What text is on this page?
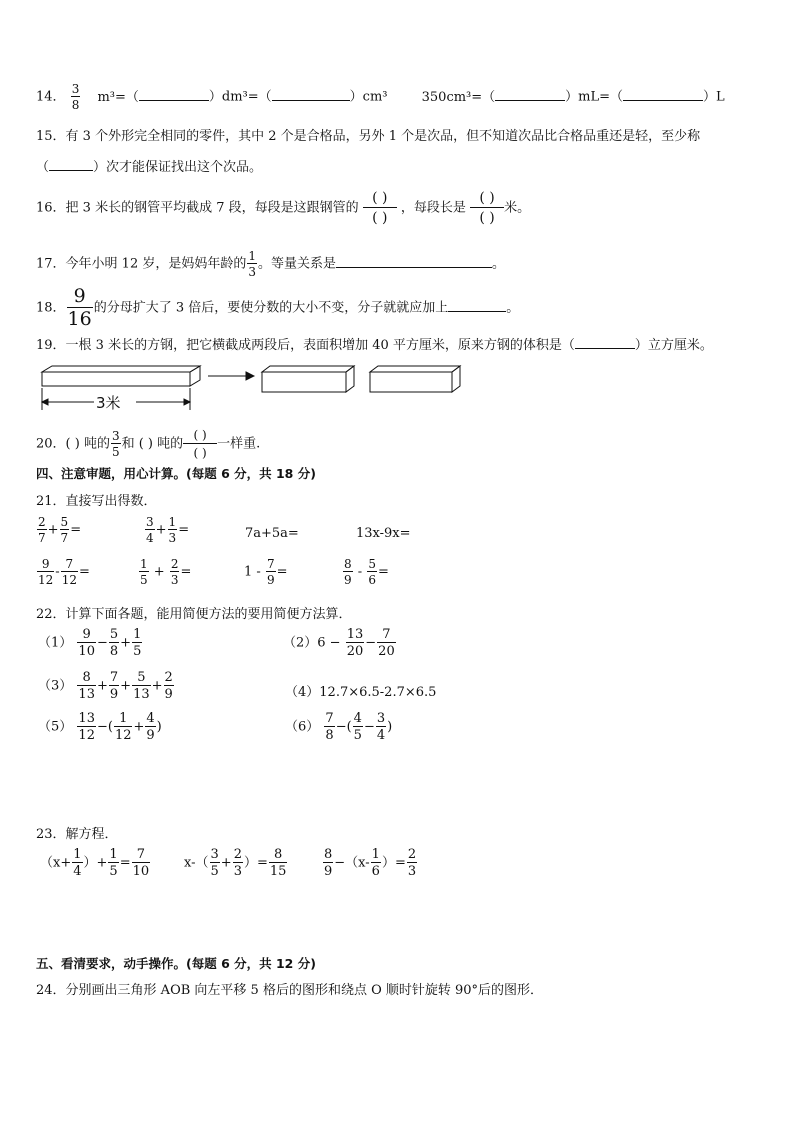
14． $\frac{3}{8} m^3=$（	）dm³=（	）cm³	350cm³=（	）mL=（	）L
15．有 3 个外形完全相同的零件，其中 2 个是合格品，另外 1 个是次品，但不知道次品比合格品重还是轻，至少称
（	）次才能保证找出这个次品。
16．把 3 米长的钢管平均截成 7 段，每段是这跟钢管的
( )
( )
，每段长是
( )
( )
米。
17．今年小明 12 岁，是妈妈年龄的 $\frac{1}{3}$ 。等量关系是	。
18． $\frac{9}{16}$ 的分母扩大了 3 倍后，要使分数的大小不变，分子就就应加上	。
19．一根 3 米长的方钢，把它横截成两段后，表面积增加 40 平方厘米，原来方钢的体积是（	）立方厘米。
3米
20．( ) 吨的 $\frac{3}{5}$ 和 ( ) 吨的
( )
( )
一样重.
四、注意审题，用心计算。(每题 6 分，共 18 分)
21．直接写出得数．
$\frac{2}{7} + \frac{5}{7}$ =	$\frac{3}{4} + \frac{1}{3}$ =	7a+5a=	13x-9x=
$\frac{9}{12} - \frac{7}{12}$ =	$\frac{1}{5} + \frac{2}{3}$ =	$1 - \frac{7}{9}$ =	$\frac{8}{9} - \frac{5}{6}$ =
22．计算下面各题，能用简便方法的要用简便方法算．
$(1) \frac{9}{10} - \frac{5}{8} + \frac{1}{5}$	$(2)6 - \frac{13}{20} - \frac{7}{20}$
$(3) \frac{8}{13} + \frac{7}{9} + \frac{5}{13} + \frac{2}{9}$	（4）12.7×6.5-2.7×6.5
$(5) \frac{13}{12}$ −( $\frac{1}{12} + \frac{4}{9}$ )	$(6) \frac{7}{8}$ −( $\frac{4}{5} - \frac{3}{4}$ )
23．解方程．
（$x+ \frac{1}{4}$ ）+ $\frac{1}{5} = \frac{7}{10}$	$x-( \frac{3}{5} + \frac{2}{3}$ ）= $\frac{8}{15}$	$\frac{8}{9} -(x- \frac{1}{6}$ ）= $\frac{2}{3}$
五、看清要求，动手操作。(每题 6 分，共 12 分)
24．分别画出三角形 AOB 向左平移 5 格后的图形和绕点 O 顺时针旋转 90°后的图形．
